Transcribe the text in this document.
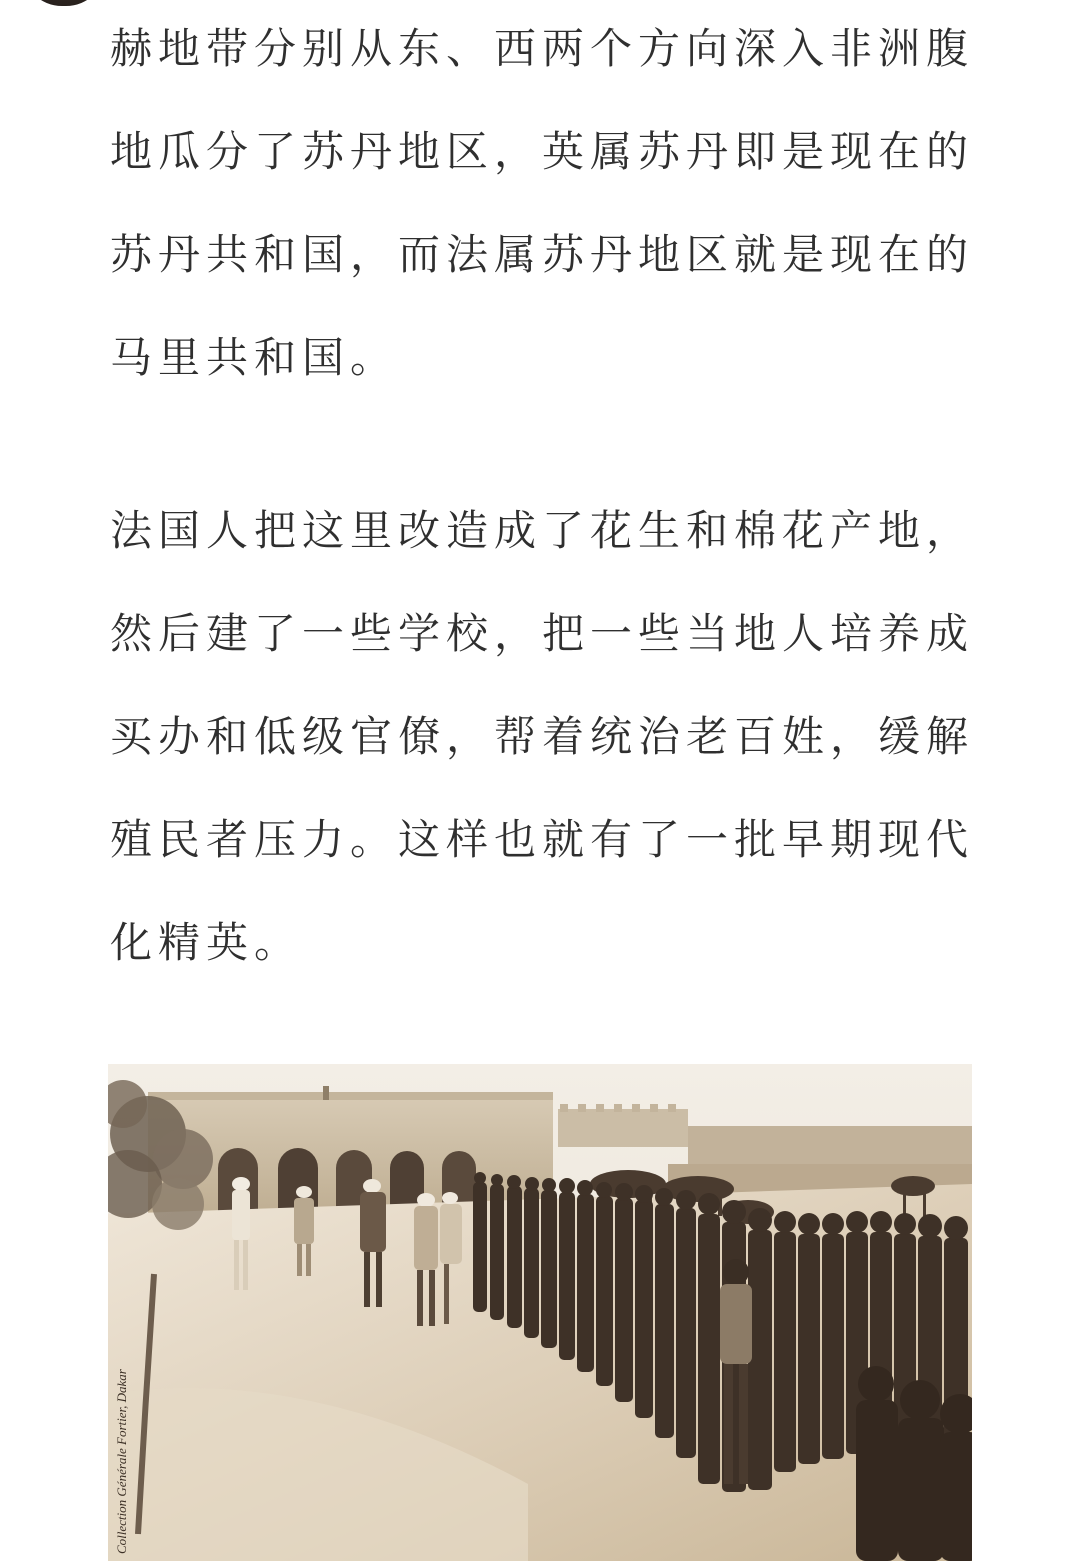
赫地带分别从东、西两个方向深入非洲腹
地瓜分了苏丹地区，英属苏丹即是现在的
苏丹共和国，而法属苏丹地区就是现在的
马里共和国。

法国人把这里改造成了花生和棉花产地，
然后建了一些学校，把一些当地人培养成
买办和低级官僚，帮着统治老百姓，缓解
殖民者压力。这样也就有了一批早期现代
化精英。

Collection Générale Fortier, Dakar
